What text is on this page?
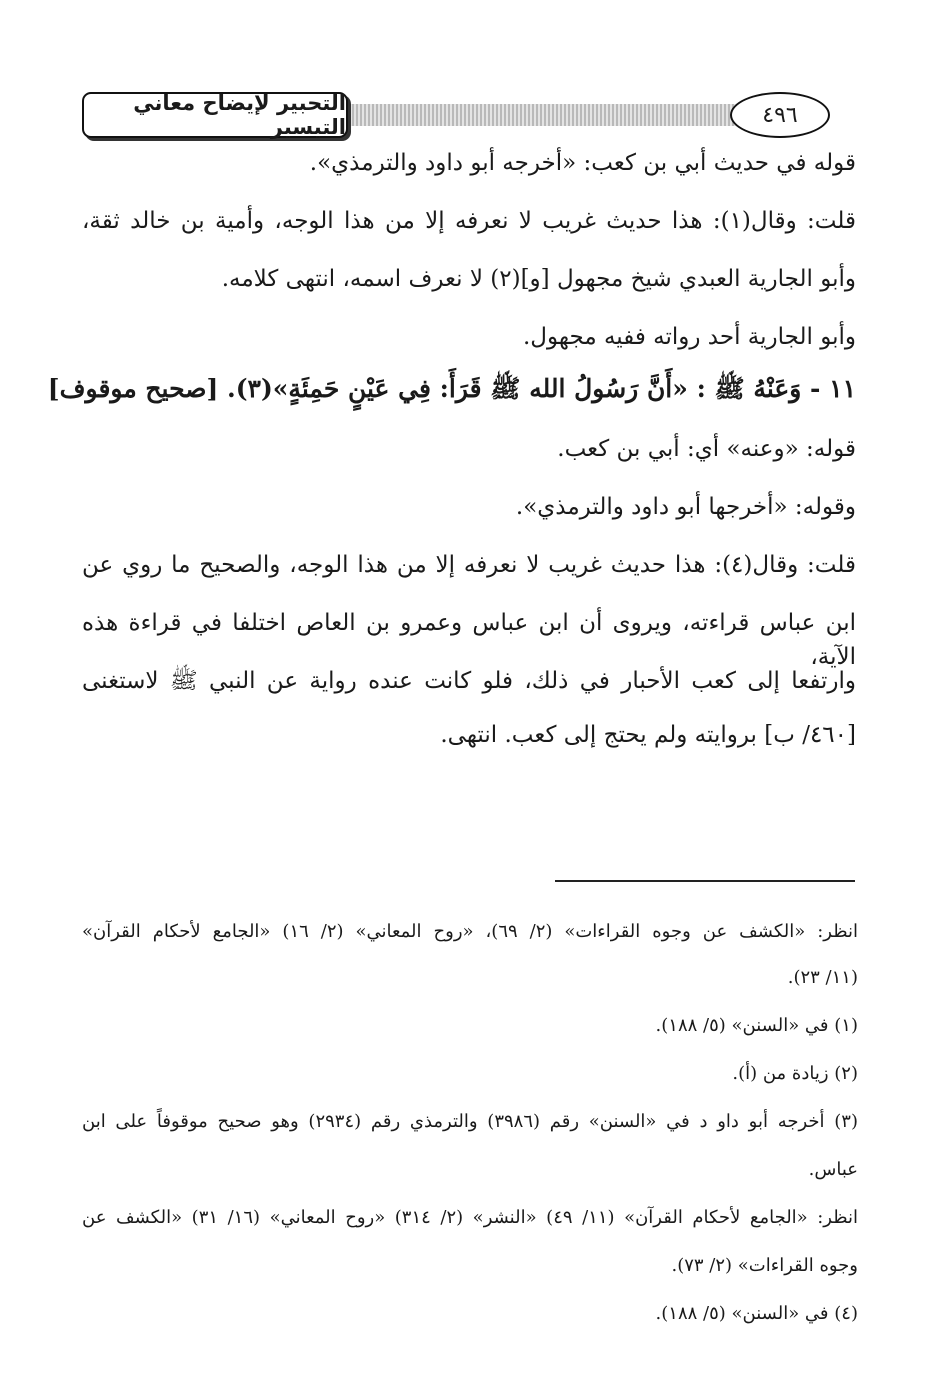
التحبير لإيضاح معاني التيسير	٤٩٦
قوله في حديث أبي بن كعب: «أخرجه أبو داود والترمذي».
قلت: وقال(١): هذا حديث غريب لا نعرفه إلا من هذا الوجه، وأمية بن خالد ثقة،
وأبو الجارية العبدي شيخ مجهول [و](٢) لا نعرف اسمه، انتهى كلامه.
وأبو الجارية أحد رواته ففيه مجهول.
١١ - وَعَنْهُ ﷺ : «أَنَّ رَسُولُ الله ﷺ قَرَأَ: فِي عَيْنٍ حَمِئَةٍ»(٣). [صحيح موقوف]
قوله: «وعنه» أي: أبي بن كعب.
وقوله: «أخرجها أبو داود والترمذي».
قلت: وقال(٤): هذا حديث غريب لا نعرفه إلا من هذا الوجه، والصحيح ما روي عن
ابن عباس قراءته، ويروى أن ابن عباس وعمرو بن العاص اختلفا في قراءة هذه الآية،
وارتفعا إلى كعب الأحبار في ذلك، فلو كانت عنده رواية عن النبي ﷺ لاستغنى
[٤٦٠/ ب] بروايته ولم يحتج إلى كعب. انتهى.
انظر: «الكشف عن وجوه القراءات» (٢/ ٦٩)، «روح المعاني» (٢/ ١٦) «الجامع لأحكام القرآن»
(١١/ ٢٣).
(١) في «السنن» (٥/ ١٨٨).
(٢) زيادة من (أ).
(٣) أخرجه أبو داو د في «السنن» رقم (٣٩٨٦) والترمذي رقم (٢٩٣٤) وهو صحيح موقوفاً على ابن
عباس.
انظر: «الجامع لأحكام القرآن» (١١/ ٤٩) «النشر» (٢/ ٣١٤) «روح المعاني» (١٦/ ٣١) «الكشف عن
وجوه القراءات» (٢/ ٧٣).
(٤) في «السنن» (٥/ ١٨٨).
